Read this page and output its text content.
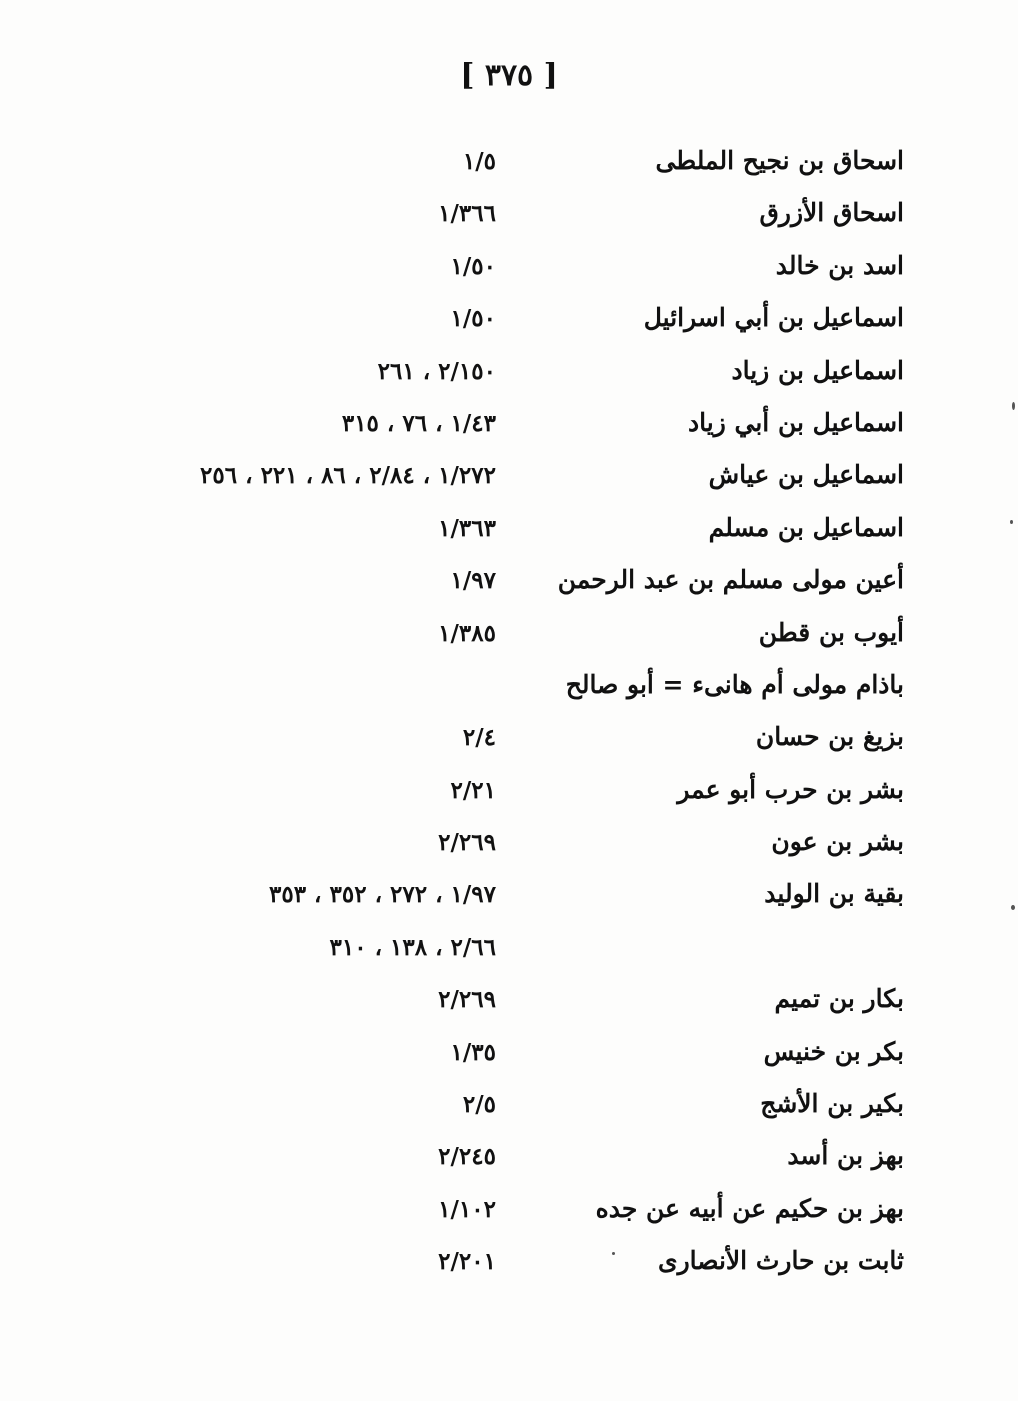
[ ٣٧٥ ]
اسحاق بن نجيح الملطى
١/٥
اسحاق الأزرق
١/٣٦٦
اسد بن خالد
١/٥٠
اسماعيل بن أبي اسرائيل
١/٥٠
اسماعيل بن زياد
٢/١٥٠ ، ٢٦١
اسماعيل بن أبي زياد
١/٤٣ ، ٧٦ ، ٣١٥
اسماعيل بن عياش
١/٢٧٢ ، ٢/٨٤ ، ٨٦ ، ٢٢١ ، ٢٥٦
اسماعيل بن مسلم
١/٣٦٣
أعين مولى مسلم بن عبد الرحمن
١/٩٧
أيوب بن قطن
١/٣٨٥
باذام مولى أم هانىء = أبو صالح
بزيغ بن حسان
٢/٤
بشر بن حرب أبو عمر
٢/٢١
بشر بن عون
٢/٢٦٩
بقية بن الوليد
١/٩٧ ، ٢٧٢ ، ٣٥٢ ، ٣٥٣
٢/٦٦ ، ١٣٨ ، ٣١٠
بكار بن تميم
٢/٢٦٩
بكر بن خنيس
١/٣٥
بكير بن الأشج
٢/٥
بهز بن أسد
٢/٢٤٥
بهز بن حكيم عن أبيه عن جده
١/١٠٢
ثابت بن حارث الأنصارى
٢/٢٠١
